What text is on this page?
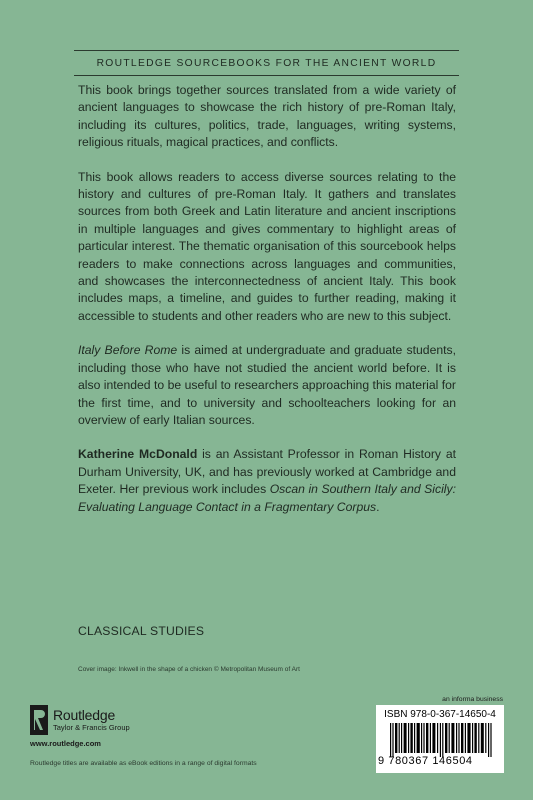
ROUTLEDGE SOURCEBOOKS FOR THE ANCIENT WORLD

This book brings together sources translated from a wide variety of ancient languages to showcase the rich history of pre-Roman Italy, including its cultures, politics, trade, languages, writing systems, religious rituals, magical practices, and conflicts.

This book allows readers to access diverse sources relating to the history and cultures of pre-Roman Italy. It gathers and translates sources from both Greek and Latin literature and ancient inscriptions in multiple languages and gives commentary to highlight areas of particular interest. The thematic organisation of this sourcebook helps readers to make connections across languages and communities, and showcases the interconnectedness of ancient Italy. This book includes maps, a timeline, and guides to further reading, making it accessible to students and other readers who are new to this subject.

Italy Before Rome is aimed at undergraduate and graduate students, including those who have not studied the ancient world before. It is also intended to be useful to researchers approaching this material for the first time, and to university and schoolteachers looking for an overview of early Italian sources.

Katherine McDonald is an Assistant Professor in Roman History at Durham University, UK, and has previously worked at Cambridge and Exeter. Her previous work includes Oscan in Southern Italy and Sicily: Evaluating Language Contact in a Fragmentary Corpus.

CLASSICAL STUDIES
Cover image: Inkwell in the shape of a chicken © Metropolitan Museum of Art
Routledge
Taylor & Francis Group
www.routledge.com
Routledge titles are available as eBook editions in a range of digital formats
an informa business
ISBN 978-0-367-14650-4
9 780367 146504
